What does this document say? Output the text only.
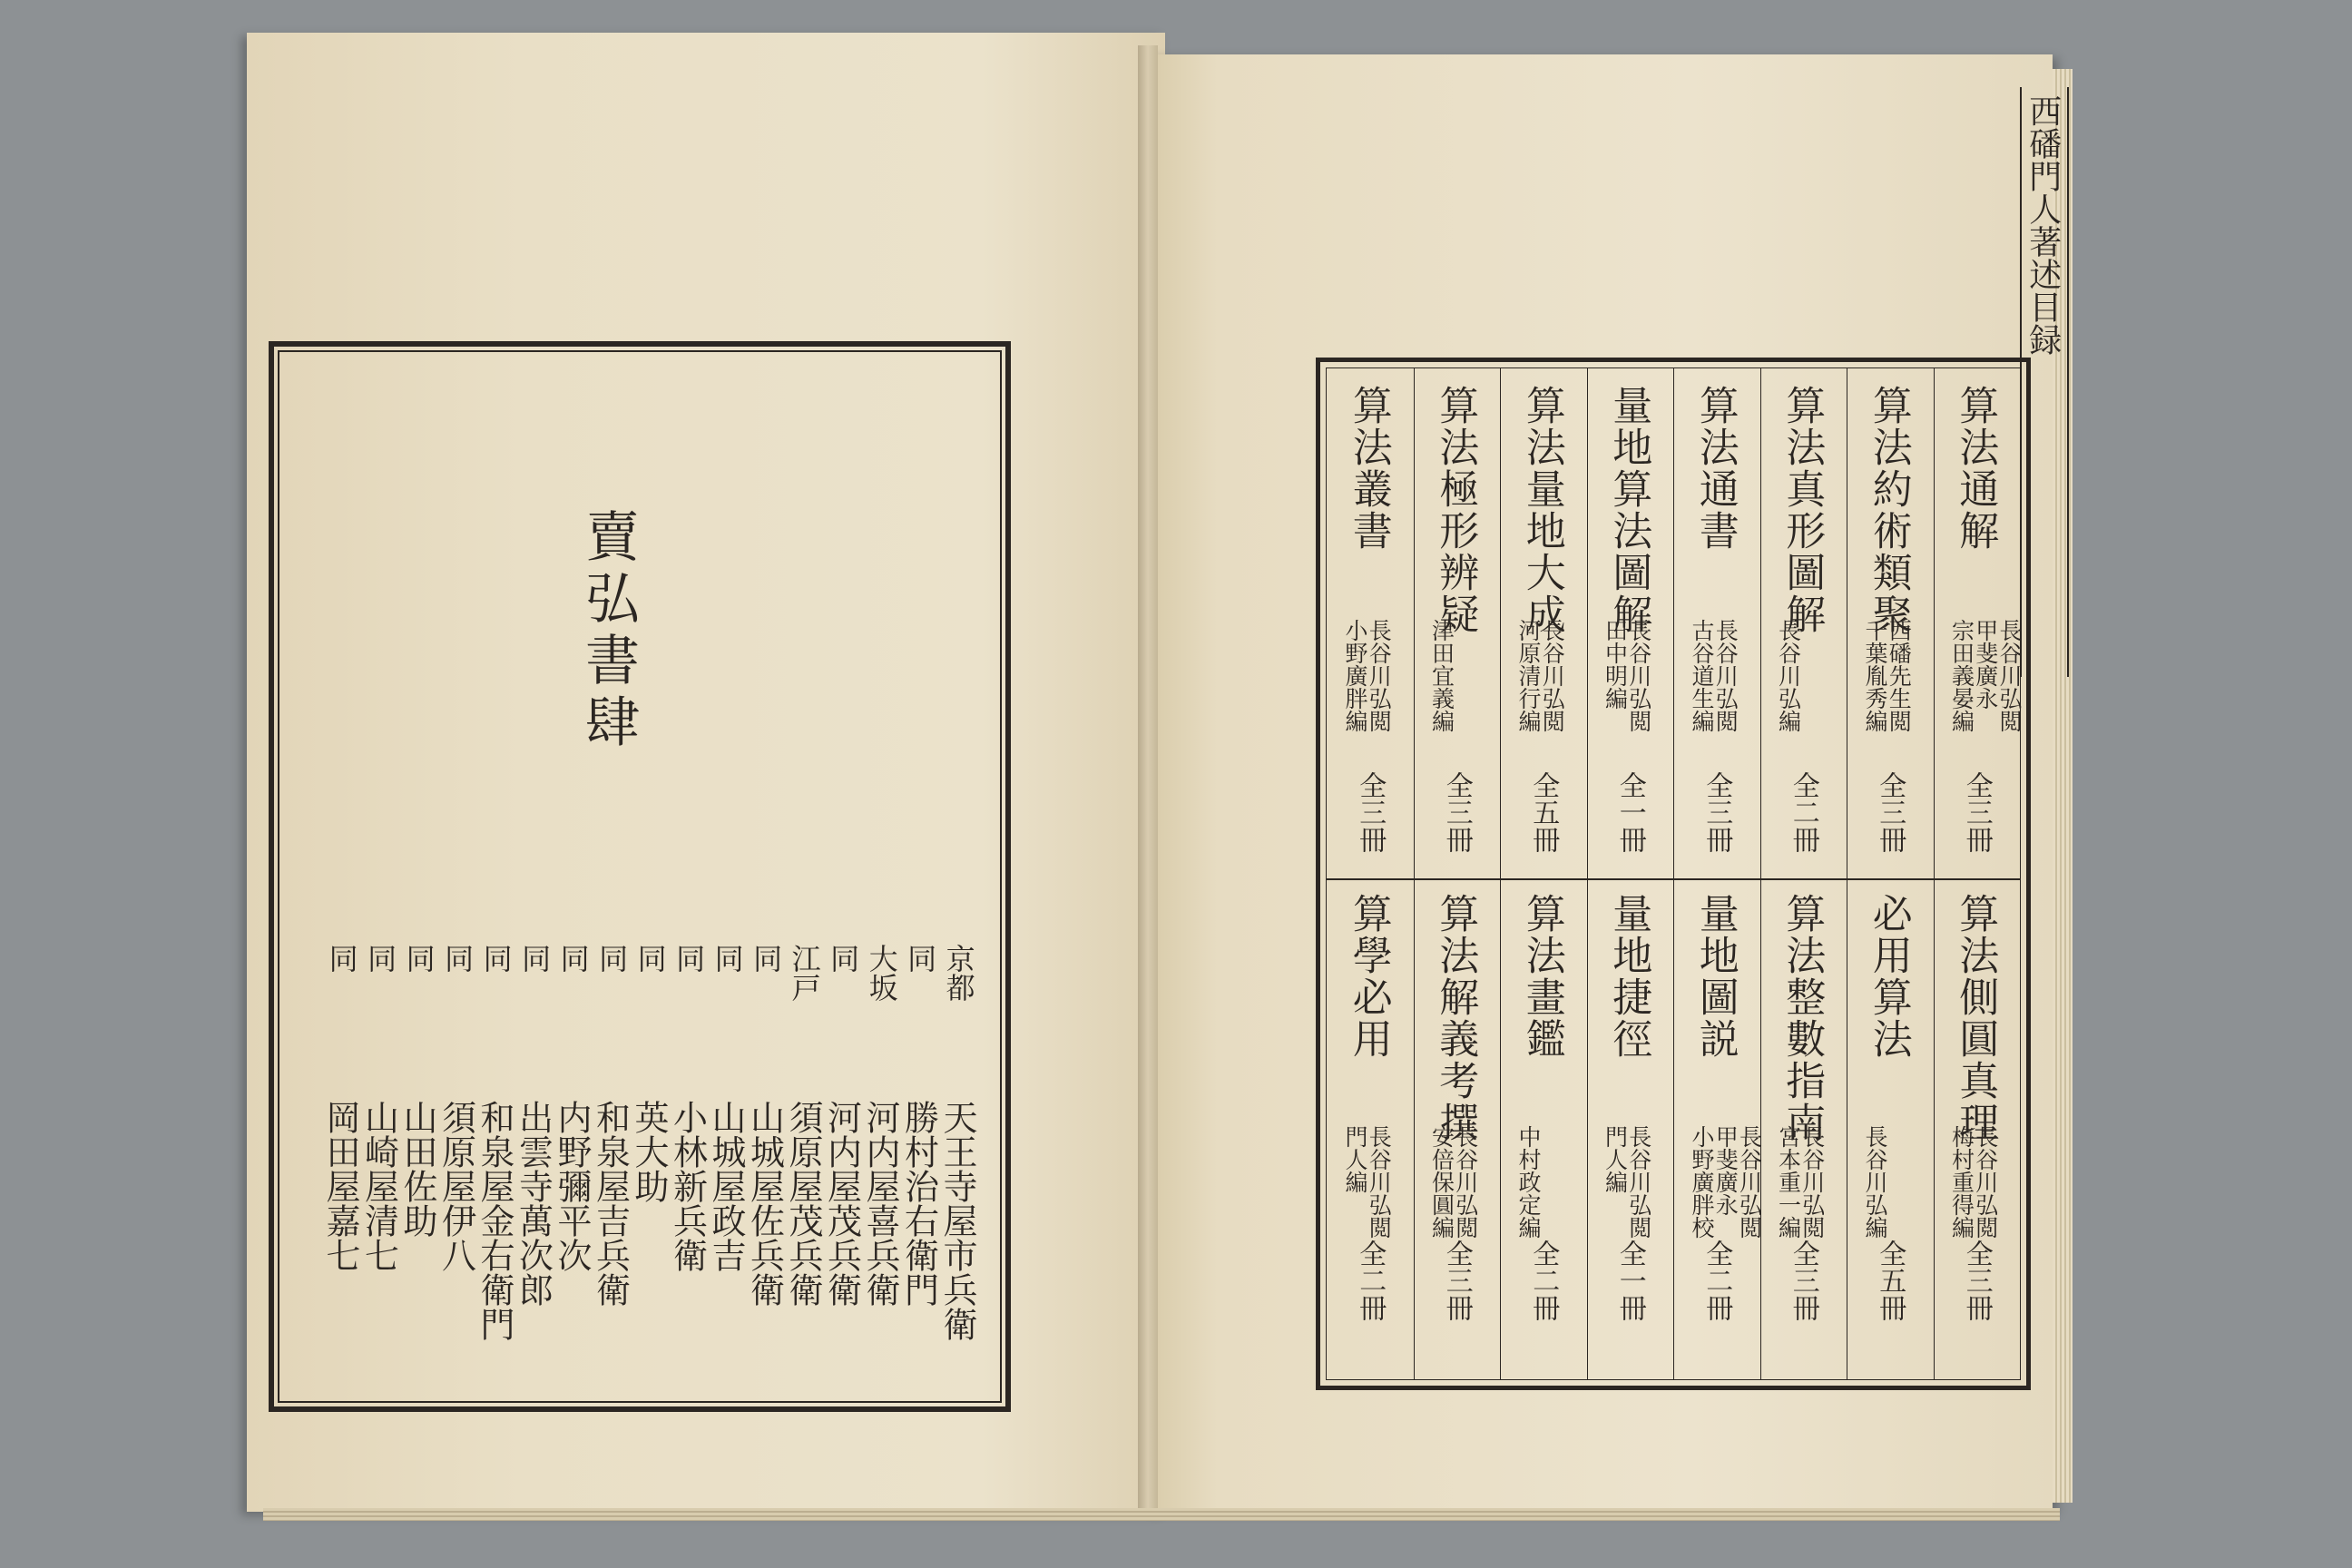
賣弘書肆
京都
同
大坂
同
江戸
同
同
同
同
同
同
同
同
同
同
同
同
天王寺屋市兵衛
勝村治右衛門
河内屋喜兵衛
河内屋茂兵衛
須原屋茂兵衛
山城屋佐兵衛
山城屋政吉
小林新兵衛
英大助
和泉屋吉兵衛
内野彌平次
出雲寺萬次郎
和泉屋金右衛門
須原屋伊八
山田佐助
山崎屋清七
岡田屋嘉七
西磻門人著述目録
算法通解
長谷川弘閲
甲斐廣永
宗田義晏編
全三冊
算法約術類聚
西磻先生閲
千葉胤秀編
全三冊
算法真形圖解
長谷川弘編
全二冊
算法通書
長谷川弘閲
古谷道生編
全三冊
量地算法圖解
長谷川弘閲
田中明編
全一冊
算法量地大成
長谷川弘閲
河原清行編
全五冊
算法極形辨疑
津田宜義編
全三冊
算法叢書
長谷川弘閲
小野廣胖編
全三冊
算法側圓真理
長谷川弘閲
梅村重得編
全三冊
必用算法
長谷川弘編
全五冊
算法整數指南
長谷川弘閲
宮本重一編
全三冊
量地圖説
長谷川弘閲
甲斐廣永
小野廣胖校
全二冊
量地捷徑
長谷川弘閲
門人編
全一冊
算法畫鑑
中村政定編
全二冊
算法解義考撰
長谷川弘閲
安倍保圓編
全三冊
算學必用
長谷川弘閲
門人編
全二冊
